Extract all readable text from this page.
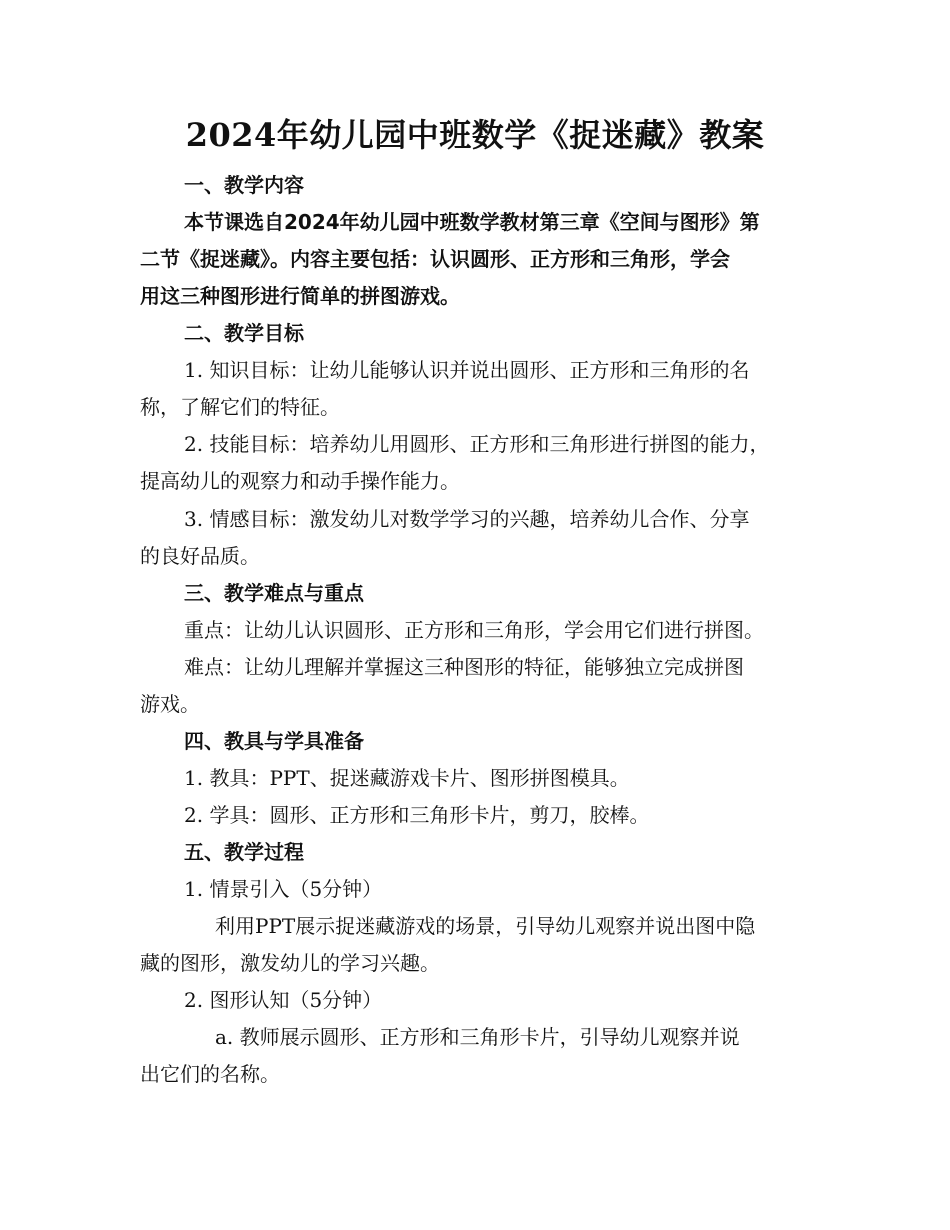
2024年幼儿园中班数学《捉迷藏》教案
一、教学内容
本节课选自2024年幼儿园中班数学教材第三章《空间与图形》第
二节《捉迷藏》。内容主要包括：认识圆形、正方形和三角形，学会
用这三种图形进行简单的拼图游戏。
二、教学目标
1. 知识目标：让幼儿能够认识并说出圆形、正方形和三角形的名
称，了解它们的特征。
2. 技能目标：培养幼儿用圆形、正方形和三角形进行拼图的能力，
提高幼儿的观察力和动手操作能力。
3. 情感目标：激发幼儿对数学学习的兴趣，培养幼儿合作、分享
的良好品质。
三、教学难点与重点
重点：让幼儿认识圆形、正方形和三角形，学会用它们进行拼图。
难点：让幼儿理解并掌握这三种图形的特征，能够独立完成拼图
游戏。
四、教具与学具准备
1. 教具：PPT、捉迷藏游戏卡片、图形拼图模具。
2. 学具：圆形、正方形和三角形卡片，剪刀，胶棒。
五、教学过程
1. 情景引入（5分钟）
利用PPT展示捉迷藏游戏的场景，引导幼儿观察并说出图中隐
藏的图形，激发幼儿的学习兴趣。
2. 图形认知（5分钟）
a. 教师展示圆形、正方形和三角形卡片，引导幼儿观察并说
出它们的名称。
